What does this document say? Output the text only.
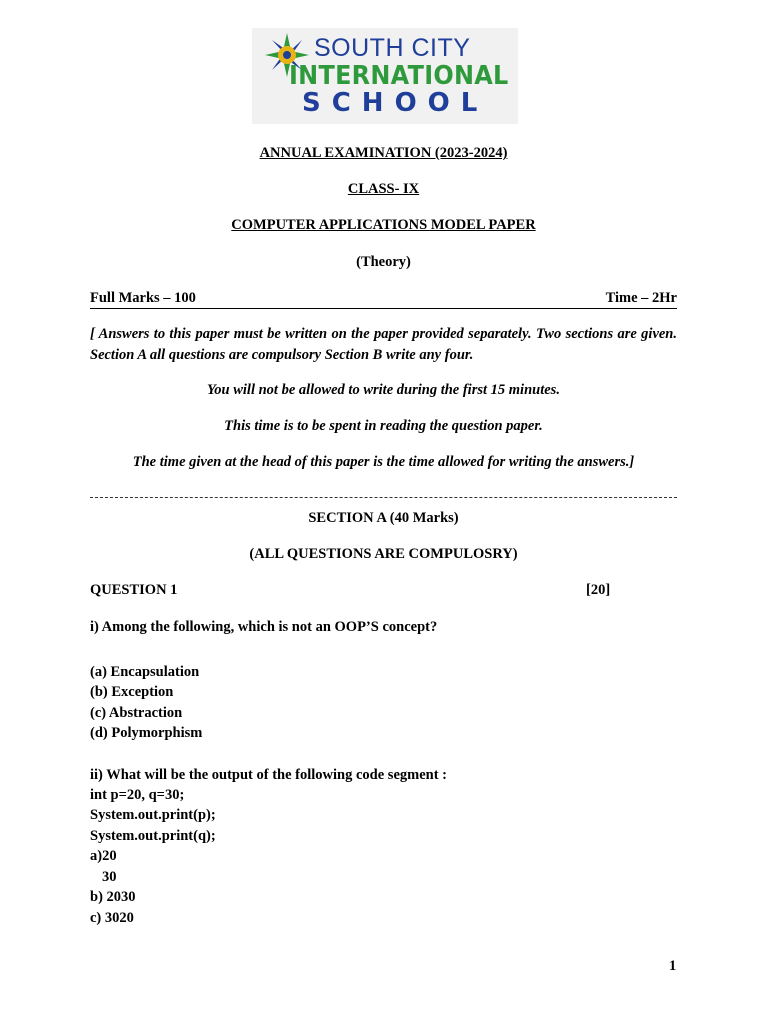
SOUTH CITY
INTERNATIONAL
SCHOOL
ANNUAL EXAMINATION (2023-2024)
CLASS- IX
COMPUTER APPLICATIONS MODEL PAPER
(Theory)
Full Marks – 100	Time – 2Hr
[ Answers to this paper must be written on the paper provided separately. Two sections are given. Section A all questions are compulsory Section B write any four.
You will not be allowed to write during the first 15 minutes.
This time is to be spent in reading the question paper.
The time given at the head of this paper is the time allowed for writing the answers.]
SECTION A (40 Marks)
(ALL QUESTIONS ARE COMPULOSRY)
QUESTION 1	[20]
i) Among the following, which is not an OOP’S concept?
(a) Encapsulation
(b) Exception
(c) Abstraction
(d) Polymorphism
ii) What will be the output of the following code segment :
int p=20, q=30;
System.out.print(p);
System.out.print(q);
a)20
30
b) 2030
c) 3020
1
